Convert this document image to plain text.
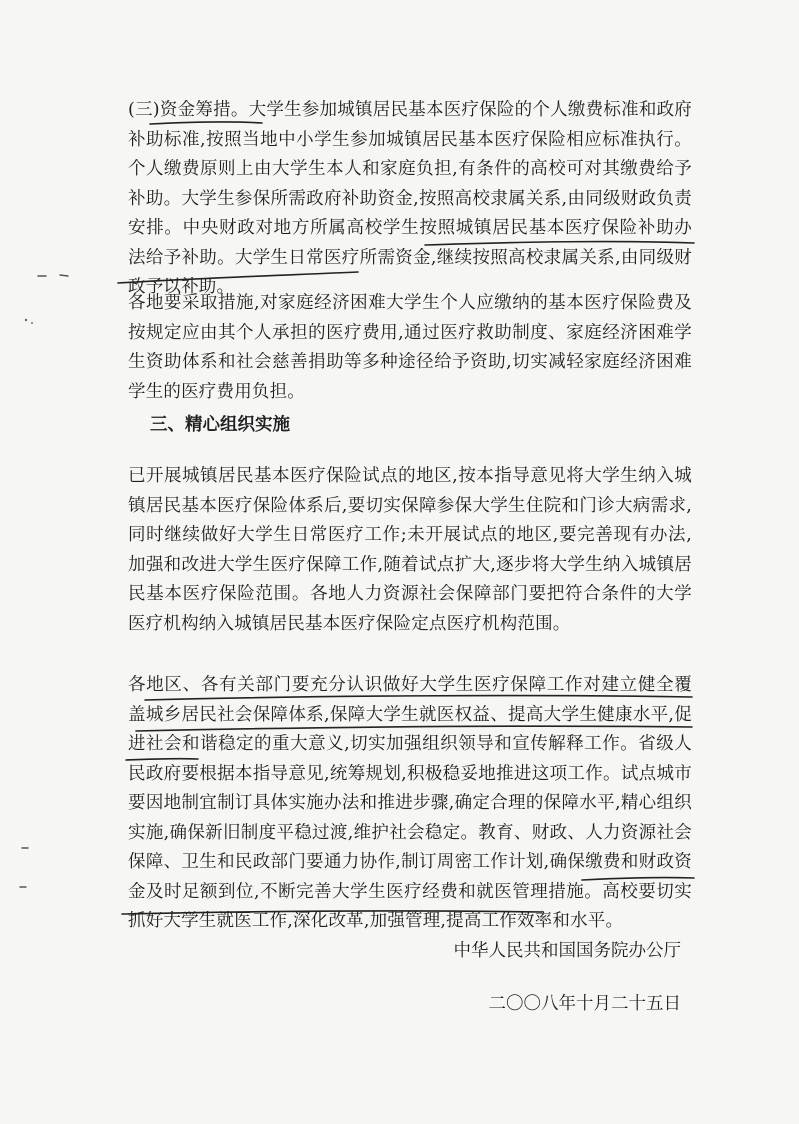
(三)资金筹措。大学生参加城镇居民基本医疗保险的个人缴费标准和政府补助标准,按照当地中小学生参加城镇居民基本医疗保险相应标准执行。个人缴费原则上由大学生本人和家庭负担,有条件的高校可对其缴费给予补助。大学生参保所需政府补助资金,按照高校隶属关系,由同级财政负责安排。中央财政对地方所属高校学生按照城镇居民基本医疗保险补助办法给予补助。大学生日常医疗所需资金,继续按照高校隶属关系,由同级财政予以补助。

各地要采取措施,对家庭经济困难大学生个人应缴纳的基本医疗保险费及按规定应由其个人承担的医疗费用,通过医疗救助制度、家庭经济困难学生资助体系和社会慈善捐助等多种途径给予资助,切实减轻家庭经济困难学生的医疗费用负担。

三、精心组织实施

已开展城镇居民基本医疗保险试点的地区,按本指导意见将大学生纳入城镇居民基本医疗保险体系后,要切实保障参保大学生住院和门诊大病需求,同时继续做好大学生日常医疗工作;未开展试点的地区,要完善现有办法,加强和改进大学生医疗保障工作,随着试点扩大,逐步将大学生纳入城镇居民基本医疗保险范围。各地人力资源社会保障部门要把符合条件的大学医疗机构纳入城镇居民基本医疗保险定点医疗机构范围。

各地区、各有关部门要充分认识做好大学生医疗保障工作对建立健全覆盖城乡居民社会保障体系,保障大学生就医权益、提高大学生健康水平,促进社会和谐稳定的重大意义,切实加强组织领导和宣传解释工作。省级人民政府要根据本指导意见,统筹规划,积极稳妥地推进这项工作。试点城市要因地制宜制订具体实施办法和推进步骤,确定合理的保障水平,精心组织实施,确保新旧制度平稳过渡,维护社会稳定。教育、财政、人力资源社会保障、卫生和民政部门要通力协作,制订周密工作计划,确保缴费和财政资金及时足额到位,不断完善大学生医疗经费和就医管理措施。高校要切实抓好大学生就医工作,深化改革,加强管理,提高工作效率和水平。

中华人民共和国国务院办公厅

二〇〇八年十月二十五日
